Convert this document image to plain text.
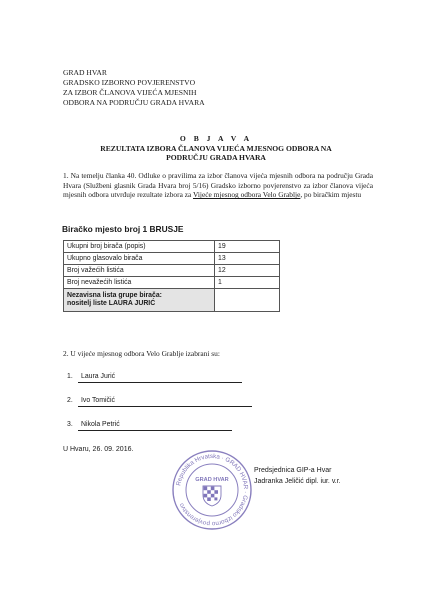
GRAD HVAR
GRADSKO IZBORNO POVJERENSTVO
ZA IZBOR ČLANOVA VIJEĆA MJESNIH
ODBORA NA PODRUČJU GRADA HVARA
O B J A V A
REZULTATA IZBORA ČLANOVA VIJEĆA MJESNOG ODBORA NA
PODRUČJU GRADA HVARA
1. Na temelju članka 40. Odluke o pravilima za izbor članova vijeća mjesnih odbora na području Grada Hvara (Službeni glasnik Grada Hvara broj 5/16) Gradsko izborno povjerenstvo za izbor članova vijeća mjesnih odbora utvrđuje rezultate izbora za Vijeće mjesnog odbora Velo Grablje, po biračkim mjestu
Biračko mjesto broj 1 BRUSJE
Ukupni broj birača (popis)	19
Ukupno glasovalo birača	13
Broj važećih listića	12
Broj nevažećih listića	1

Nezavisna lista grupe birača:
nositelj liste LAURA JURIĆ	

2. U vijeće mjesnog odbora Velo Grablje izabrani su:
1. Laura Jurić
2. Ivo Tomičić
3. Nikola Petrić
U Hvaru, 26. 09. 2016.
Republika Hrvatska · GRAD HVAR · Gradsko izborno povjerenstvo
GRAD HVAR
Predsjednica GIP-a Hvar
Jadranka Jeličić dipl. iur. v.r.
